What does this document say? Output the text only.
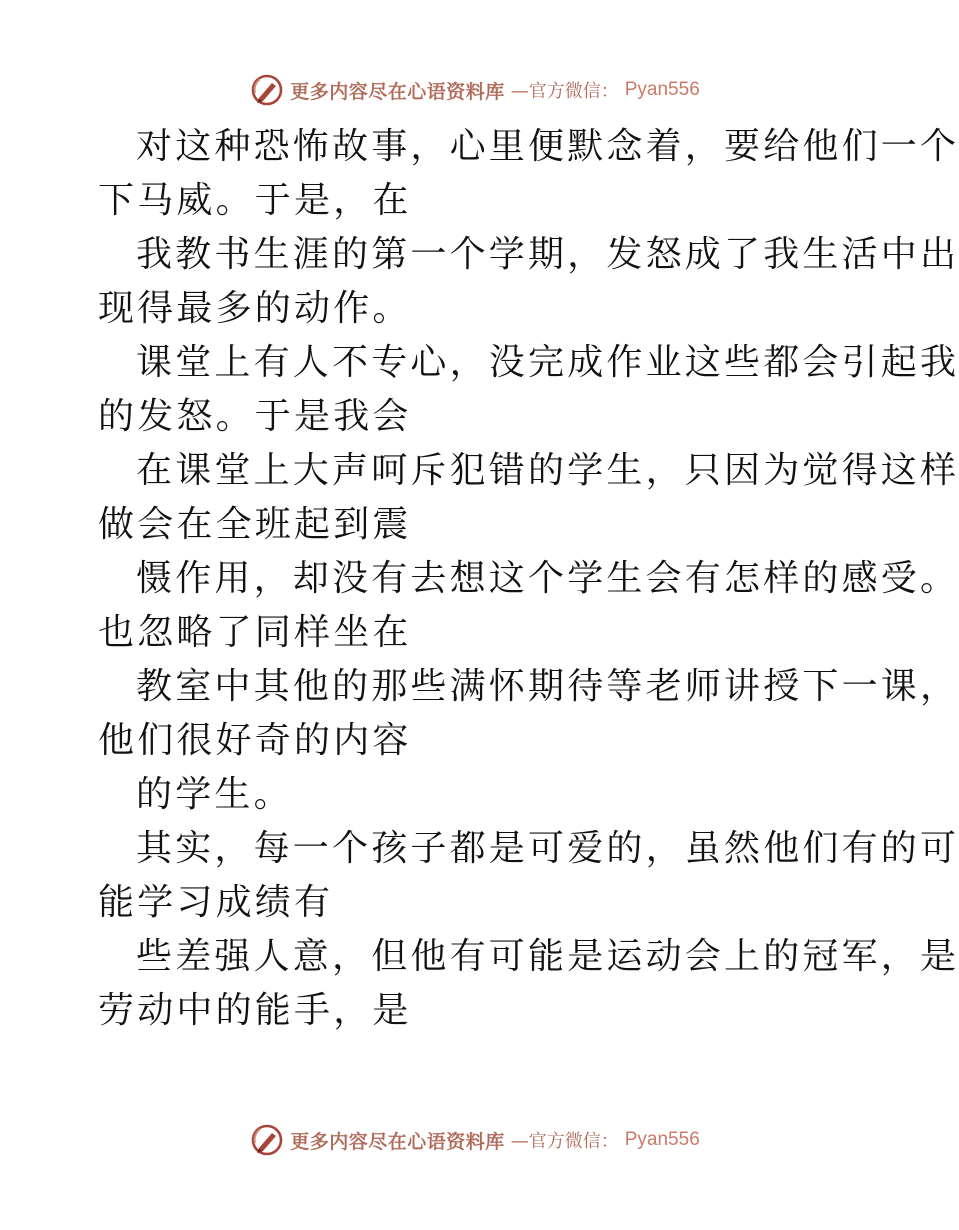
更多内容尽在心语资料库 —官方微信： Pyan556
对这种恐怖故事，心里便默念着，要给他们一个
下马威。于是，在
我教书生涯的第一个学期，发怒成了我生活中出
现得最多的动作。
课堂上有人不专心，没完成作业这些都会引起我
的发怒。于是我会
在课堂上大声呵斥犯错的学生，只因为觉得这样
做会在全班起到震
慑作用，却没有去想这个学生会有怎样的感受。
也忽略了同样坐在
教室中其他的那些满怀期待等老师讲授下一课，
他们很好奇的内容
的学生。
其实，每一个孩子都是可爱的，虽然他们有的可
能学习成绩有
些差强人意，但他有可能是运动会上的冠军，是
劳动中的能手，是
更多内容尽在心语资料库 —官方微信： Pyan556
